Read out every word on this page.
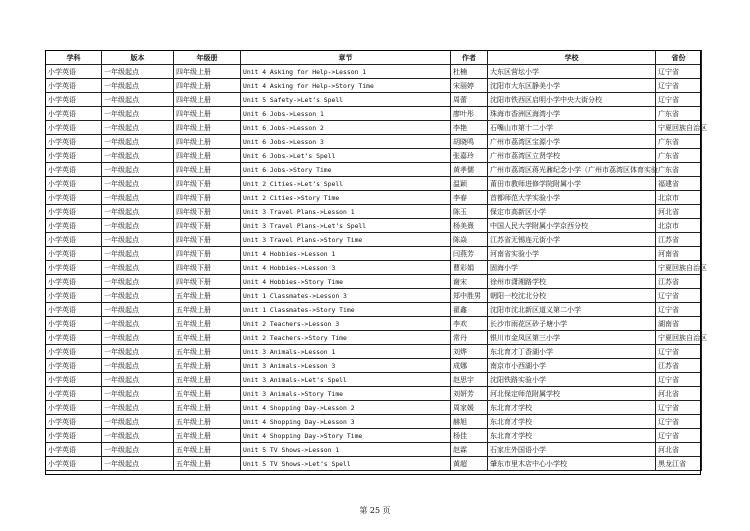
学科	版本	年级册	章节	作者	学校	省份
小学英语	一年级起点	四年级上册	Unit 4 Asking for Help->Lesson 1	杜楠	大东区营坛小学	辽宁省
小学英语	一年级起点	四年级上册	Unit 4 Asking for Help->Story Time	宋丽婷	沈阳市大东区静美小学	辽宁省
小学英语	一年级起点	四年级上册	Unit 5 Safety->Let’s Spell	周蕾	沈阳市铁西区启明小学中央大街分校	辽宁省
小学英语	一年级起点	四年级上册	Unit 6 Jobs->Lesson 1	廖叶彤	珠海市香洲区海湾小学	广东省
小学英语	一年级起点	四年级上册	Unit 6 Jobs->Lesson 2	李艳	石嘴山市第十二小学	宁夏回族自治区
小学英语	一年级起点	四年级上册	Unit 6 Jobs->Lesson 3	胡晓鸣	广州市荔湾区宝源小学	广东省
小学英语	一年级起点	四年级上册	Unit 6 Jobs->Let’s Spell	张嘉玲	广州市荔湾区立贤学校	广东省
小学英语	一年级起点	四年级上册	Unit 6 Jobs->Story Time	黄孝儒	广州市荔湾区蒋光鼐纪念小学（广州市荔湾区体育实验	广东省
小学英语	一年级起点	四年级下册	Unit 2 Cities->Let’s Spell	温颖	莆田市教师进修学院附属小学	福建省
小学英语	一年级起点	四年级下册	Unit 2 Cities->Story Time	李春	首都师范大学实验小学	北京市
小学英语	一年级起点	四年级下册	Unit 3 Travel Plans->Lesson 1	陈玉	保定市高新区小学	河北省
小学英语	一年级起点	四年级下册	Unit 3 Travel Plans->Let’s Spell	杨美熹	中国人民大学附属小学京西分校	北京市
小学英语	一年级起点	四年级下册	Unit 3 Travel Plans->Story Time	陈焱	江苏省无锡连元街小学	江苏省
小学英语	一年级起点	四年级下册	Unit 4 Hobbies->Lesson 1	闫燕芳	河南省实验小学	河南省
小学英语	一年级起点	四年级下册	Unit 4 Hobbies->Lesson 3	曹彩娟	固海小学	宁夏回族自治区
小学英语	一年级起点	四年级下册	Unit 4 Hobbies->Story Time	谢宋	徐州市潇湘路学校	江苏省
小学英语	一年级起点	五年级上册	Unit 1 Classmates->Lesson 3	郑中胜男	朝阳一校沈北分校	辽宁省
小学英语	一年级起点	五年级上册	Unit 1 Classmates->Story Time	翟鑫	沈阳市沈北新区道义第二小学	辽宁省
小学英语	一年级起点	五年级上册	Unit 2 Teachers->Lesson 3	李欢	长沙市雨花区砂子塘小学	湖南省
小学英语	一年级起点	五年级上册	Unit 2 Teachers->Story Time	常丹	银川市金凤区第三小学	宁夏回族自治区
小学英语	一年级起点	五年级上册	Unit 3 Animals->Lesson 1	刘烨	东北育才丁香湖小学	辽宁省
小学英语	一年级起点	五年级上册	Unit 3 Animals->Lesson 3	成娜	南京市小西湖小学	江苏省
小学英语	一年级起点	五年级上册	Unit 3 Animals->Let’s Spell	赵思宇	沈阳铁路实验小学	辽宁省
小学英语	一年级起点	五年级上册	Unit 3 Animals->Story Time	刘妍芳	河北保定师范附属学校	河北省
小学英语	一年级起点	五年级上册	Unit 4 Shopping Day->Lesson 2	周家媛	东北育才学校	辽宁省
小学英语	一年级起点	五年级上册	Unit 4 Shopping Day->Lesson 3	赫旭	东北育才学校	辽宁省
小学英语	一年级起点	五年级上册	Unit 4 Shopping Day->Story Time	杨佳	东北育才学校	辽宁省
小学英语	一年级起点	五年级上册	Unit 5 TV Shows->Lesson 1	赵霖	石家庄外国语小学	河北省
小学英语	一年级起点	五年级上册	Unit 5 TV Shows->Let’s Spell	黄超	肇东市里木店中心小学校	黑龙江省
第 25 页
